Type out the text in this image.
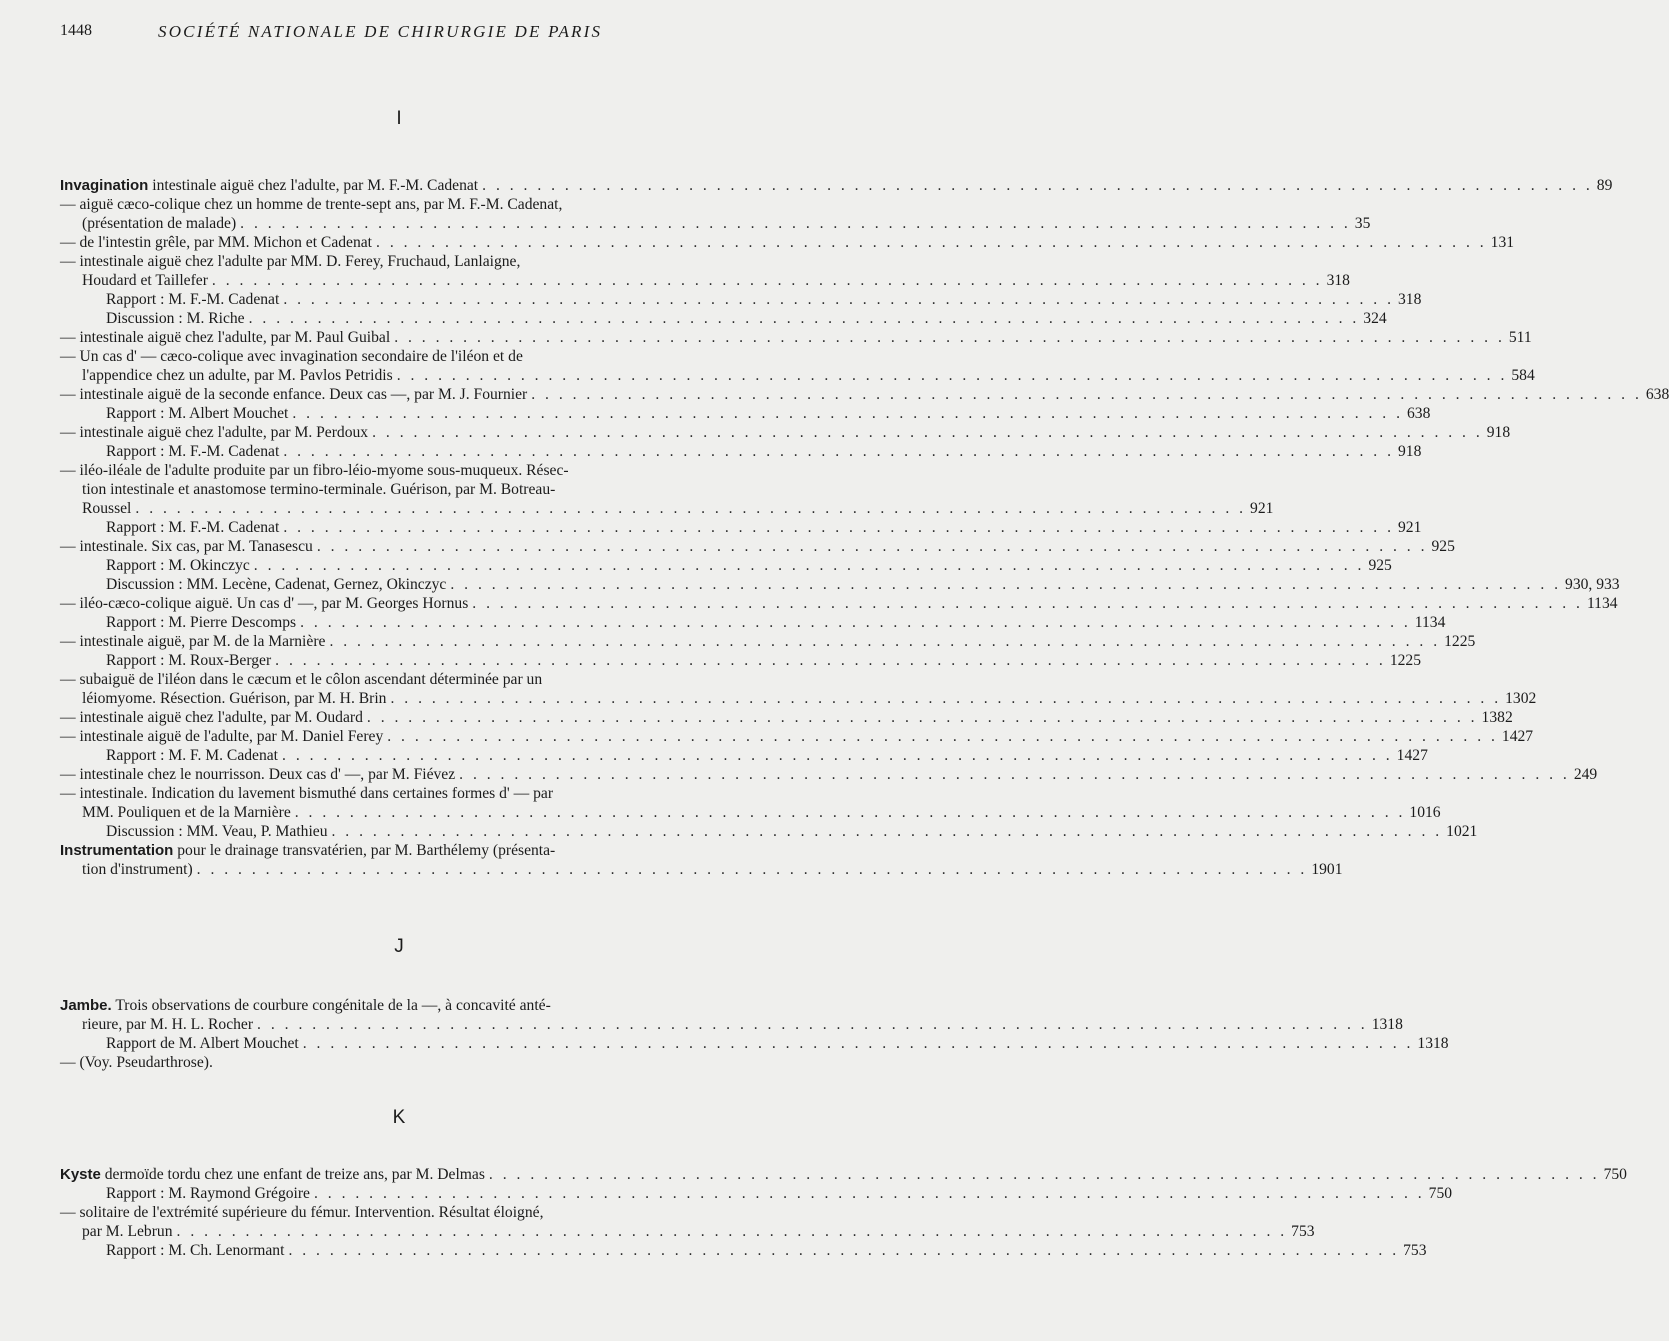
1448	SOCIÉTÉ NATIONALE DE CHIRURGIE DE PARIS
I
Invagination intestinale aiguë chez l'adulte, par M. F.-M. Cadenat . . .	89
— aiguë cæco-colique chez un homme de trente-sept ans, par M. F.-M. Cadenat,
(présentation de malade) . . .	35
— de l'intestin grêle, par MM. Michon et Cadenat . . .	131
— intestinale aiguë chez l'adulte par MM. D. Ferey, Fruchaud, Lanlaigne,
Houdard et Taillefer . . .	318
Rapport : M. F.-M. Cadenat . . .	318
Discussion : M. Riche . . .	324
— intestinale aiguë chez l'adulte, par M. Paul Guibal . . .	511
— Un cas d' — cæco-colique avec invagination secondaire de l'iléon et de
l'appendice chez un adulte, par M. Pavlos Petridis . . .	584
— intestinale aiguë de la seconde enfance. Deux cas —, par M. J. Fournier . . .	638
Rapport : M. Albert Mouchet . . .	638
— intestinale aiguë chez l'adulte, par M. Perdoux . . .	918
Rapport : M. F.-M. Cadenat . . .	918
— iléo-iléale de l'adulte produite par un fibro-léio-myome sous-muqueux. Résec-
tion intestinale et anastomose termino-terminale. Guérison, par M. Botreau-
Roussel . . .	921
Rapport : M. F.-M. Cadenat . . .	921
— intestinale. Six cas, par M. Tanasescu . . .	925
Rapport : M. Okinczyc . . .	925
Discussion : MM. Lecène, Cadenat, Gernez, Okinczyc . . .	930, 933
— iléo-cæco-colique aiguë. Un cas d' —, par M. Georges Hornus . . .	1134
Rapport : M. Pierre Descomps . . .	1134
— intestinale aiguë, par M. de la Marnière . . .	1225
Rapport : M. Roux-Berger . . .	1225
— subaiguë de l'iléon dans le cæcum et le côlon ascendant déterminée par un
léiomyome. Résection. Guérison, par M. H. Brin . . .	1302
— intestinale aiguë chez l'adulte, par M. Oudard . . .	1382
— intestinale aiguë de l'adulte, par M. Daniel Ferey . . .	1427
Rapport : M. F. M. Cadenat . . .	1427
— intestinale chez le nourrisson. Deux cas d' —, par M. Fiévez . . .	249
— intestinale. Indication du lavement bismuthé dans certaines formes d' — par
MM. Pouliquen et de la Marnière . . .	1016
Discussion : MM. Veau, P. Mathieu . . .	1021
Instrumentation pour le drainage transvatérien, par M. Barthélemy (présenta-
tion d'instrument) . . .	1901
J
Jambe. Trois observations de courbure congénitale de la —, à concavité anté-
rieure, par M. H. L. Rocher . . .	1318
Rapport de M. Albert Mouchet . . .	1318
— (Voy. Pseudarthrose).
K
Kyste dermoïde tordu chez une enfant de treize ans, par M. Delmas . . .	750
Rapport : M. Raymond Grégoire . . .	750
— solitaire de l'extrémité supérieure du fémur. Intervention. Résultat éloigné,
par M. Lebrun . . .	753
Rapport : M. Ch. Lenormant . . .	753
